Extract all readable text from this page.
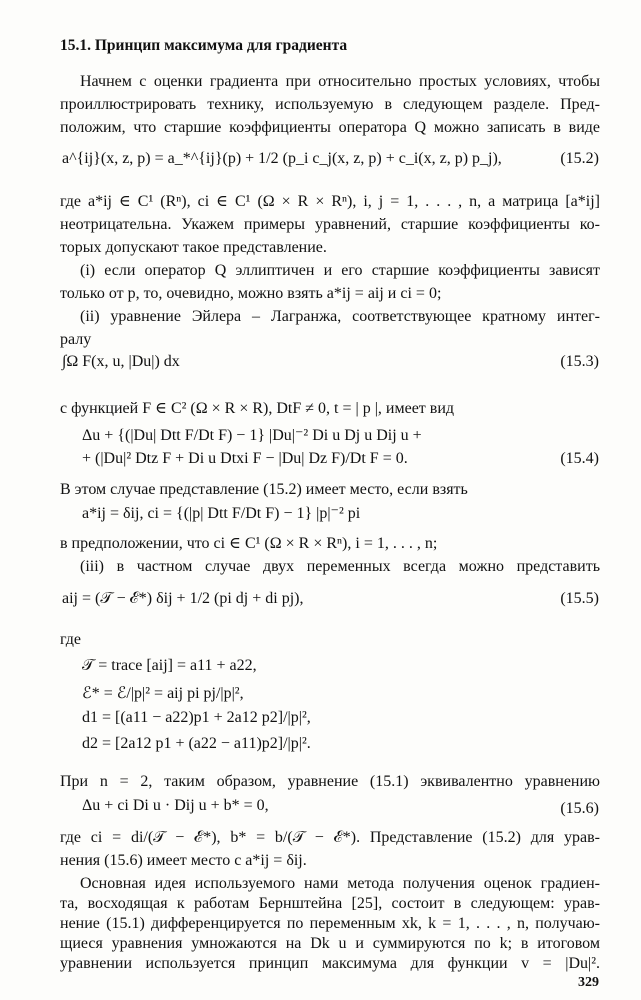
15.1. Принцип максимума для градиента
Начнем с оценки градиента при относительно простых условиях, чтобы
проиллюстрировать технику, используемую в следующем разделе. Пред-
положим, что старшие коэффициенты оператора Q можно записать в виде
a^{ij}(x, z, p) = a_*^{ij}(p) + 1/2 (p_i c_j(x, z, p) + c_i(x, z, p) p_j),	(15.2)
где a*ij ∈ C¹ (Rⁿ), ci ∈ C¹ (Ω × R × Rⁿ), i, j = 1, . . . , n, а матрица [a*ij]
неотрицательна. Укажем примеры уравнений, старшие коэффициенты ко-
торых допускают такое представление.
(i) если оператор Q эллиптичен и его старшие коэффициенты зависят
только от p, то, очевидно, можно взять a*ij = aij и ci = 0;
(ii) уравнение Эйлера – Лагранжа, соответствующее кратному интег-
ралу
∫Ω F(x, u, |Du|) dx	(15.3)
с функцией F ∈ C² (Ω × R × R), DtF ≠ 0, t = | p |, имеет вид
Δu + {(|Du| Dtt F/Dt F) − 1} |Du|⁻² Di u Dj u Dij u +
+ (|Du|² Dtz F + Di u Dtxi F − |Du| Dz F)/Dt F = 0.	(15.4)
В этом случае представление (15.2) имеет место, если взять
a*ij = δij, ci = {(|p| Dtt F/Dt F) − 1} |p|⁻² pi
в предположении, что ci ∈ C¹ (Ω × R × Rⁿ), i = 1, . . . , n;
(iii) в частном случае двух переменных всегда можно представить
aij = (𝒯 − ℰ*) δij + 1/2 (pi dj + di pj),	(15.5)
где
𝒯 = trace [aij] = a11 + a22,
ℰ* = ℰ/|p|² = aij pi pj/|p|²,
d1 = [(a11 − a22)p1 + 2a12 p2]/|p|²,
d2 = [2a12 p1 + (a22 − a11)p2]/|p|².
При n = 2, таким образом, уравнение (15.1) эквивалентно уравнению
Δu + ci Di u · Dij u + b* = 0,	(15.6)
где ci = di/(𝒯 − ℰ*), b* = b/(𝒯 − ℰ*). Представление (15.2) для урав-
нения (15.6) имеет место с a*ij = δij.
Основная идея используемого нами метода получения оценок градиен-
та, восходящая к работам Бернштейна [25], состоит в следующем: урав-
нение (15.1) дифференцируется по переменным xk, k = 1, . . . , n, получаю-
щиеся уравнения умножаются на Dk u и суммируются по k; в итоговом
уравнении используется принцип максимума для функции v = |Du|².
329
